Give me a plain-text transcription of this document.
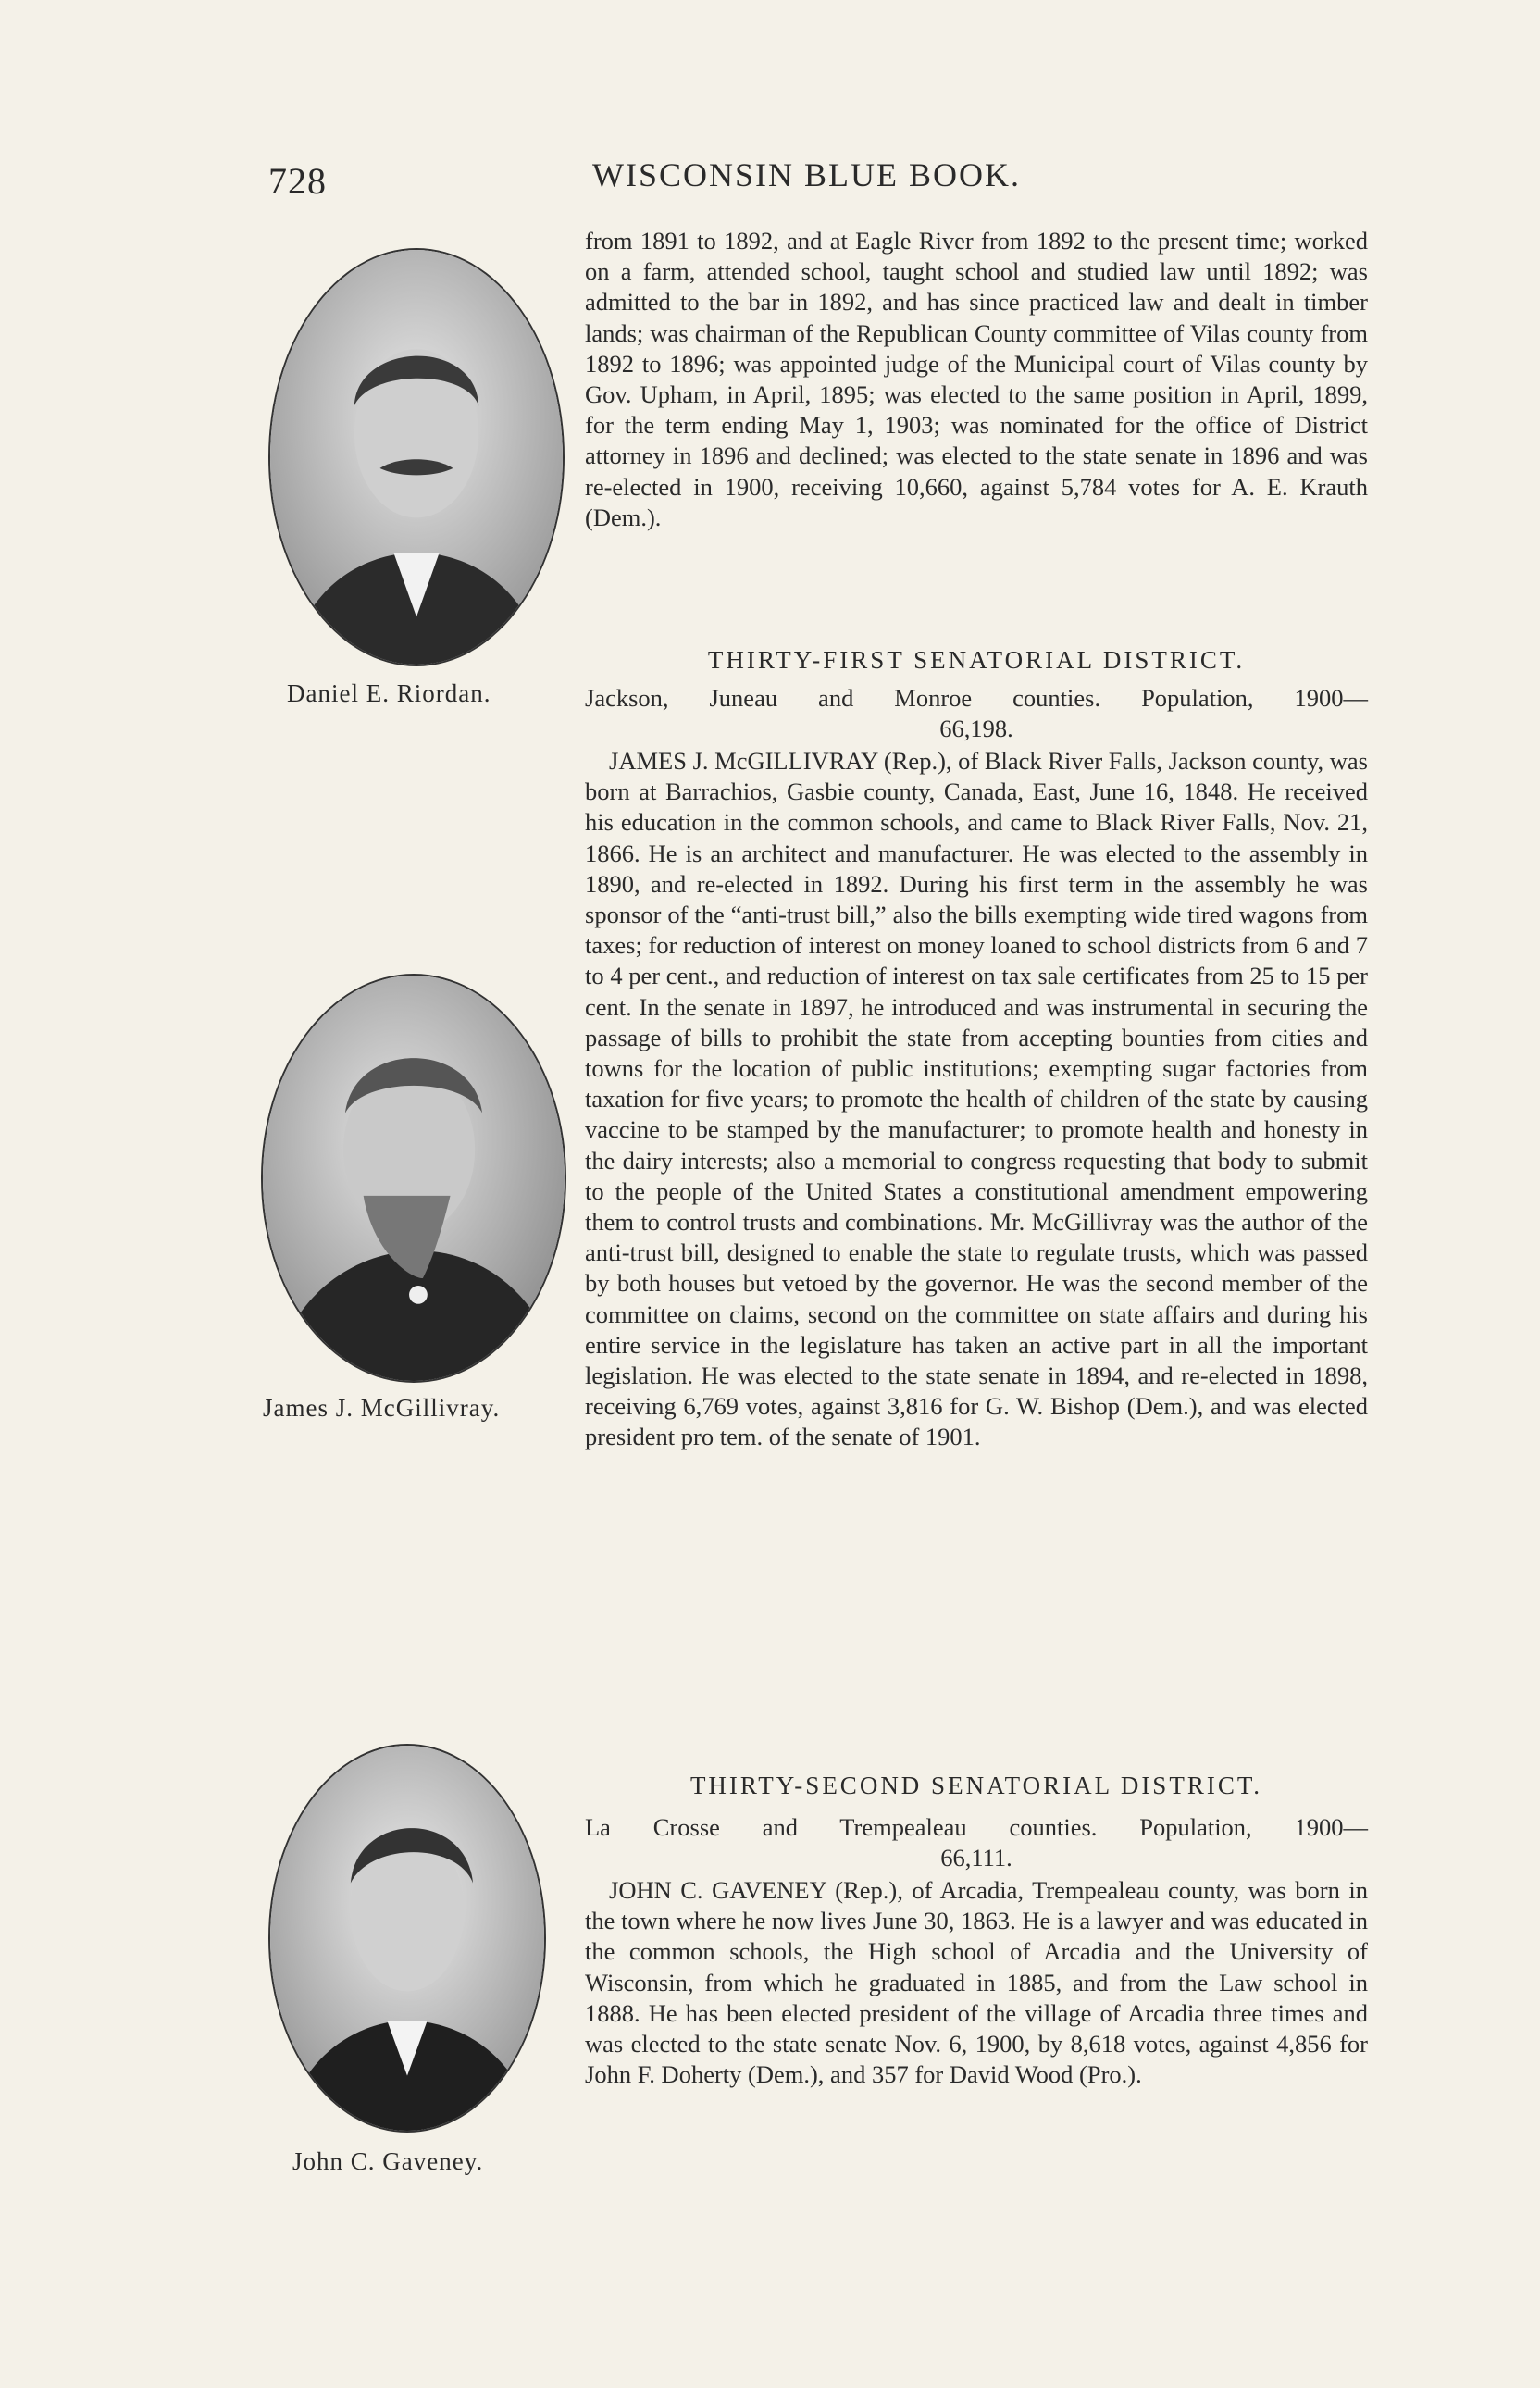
728	WISCONSIN BLUE BOOK.
Daniel E. Riordan.
James J. McGillivray.
John C. Gaveney.

from 1891 to 1892, and at Eagle River from 1892 to the present time; worked on a farm, attended school, taught school and studied law until 1892; was admitted to the bar in 1892, and has since practiced law and dealt in timber lands; was chairman of the Republican County committee of Vilas county from 1892 to 1896; was appointed judge of the Municipal court of Vilas county by Gov. Upham, in April, 1895; was elected to the same position in April, 1899, for the term ending May 1, 1903; was nominated for the office of District attorney in 1896 and declined; was elected to the state senate in 1896 and was re-elected in 1900, receiving 10,660, against 5,784 votes for A. E. Krauth (Dem.).

THIRTY-FIRST SENATORIAL DISTRICT.
Jackson, Juneau and Monroe counties. Population, 1900—
66,198.

JAMES J. McGILLIVRAY (Rep.), of Black River Falls, Jackson county, was born at Barrachios, Gasbie county, Canada, East, June 16, 1848. He received his education in the common schools, and came to Black River Falls, Nov. 21, 1866. He is an architect and manufacturer. He was elected to the assembly in 1890, and re-elected in 1892. During his first term in the assembly he was sponsor of the “anti-trust bill,” also the bills exempting wide tired wagons from taxes; for reduction of interest on money loaned to school districts from 6 and 7 to 4 per cent., and reduction of interest on tax sale certificates from 25 to 15 per cent. In the senate in 1897, he introduced and was instrumental in securing the passage of bills to prohibit the state from accepting bounties from cities and towns for the location of public institutions; exempting sugar factories from taxation for five years; to promote the health of children of the state by causing vaccine to be stamped by the manufacturer; to promote health and honesty in the dairy interests; also a memorial to congress requesting that body to submit to the people of the United States a constitutional amendment empowering them to control trusts and combinations. Mr. McGillivray was the author of the anti-trust bill, designed to enable the state to regulate trusts, which was passed by both houses but vetoed by the governor. He was the second member of the committee on claims, second on the committee on state affairs and during his entire service in the legislature has taken an active part in all the important legislation. He was elected to the state senate in 1894, and re-elected in 1898, receiving 6,769 votes, against 3,816 for G. W. Bishop (Dem.), and was elected president pro tem. of the senate of 1901.

THIRTY-SECOND SENATORIAL DISTRICT.
La Crosse and Trempealeau counties. Population, 1900—
66,111.

JOHN C. GAVENEY (Rep.), of Arcadia, Trempealeau county, was born in the town where he now lives June 30, 1863. He is a lawyer and was educated in the common schools, the High school of Arcadia and the University of Wisconsin, from which he graduated in 1885, and from the Law school in 1888. He has been elected president of the village of Arcadia three times and was elected to the state senate Nov. 6, 1900, by 8,618 votes, against 4,856 for John F. Doherty (Dem.), and 357 for David Wood (Pro.).
